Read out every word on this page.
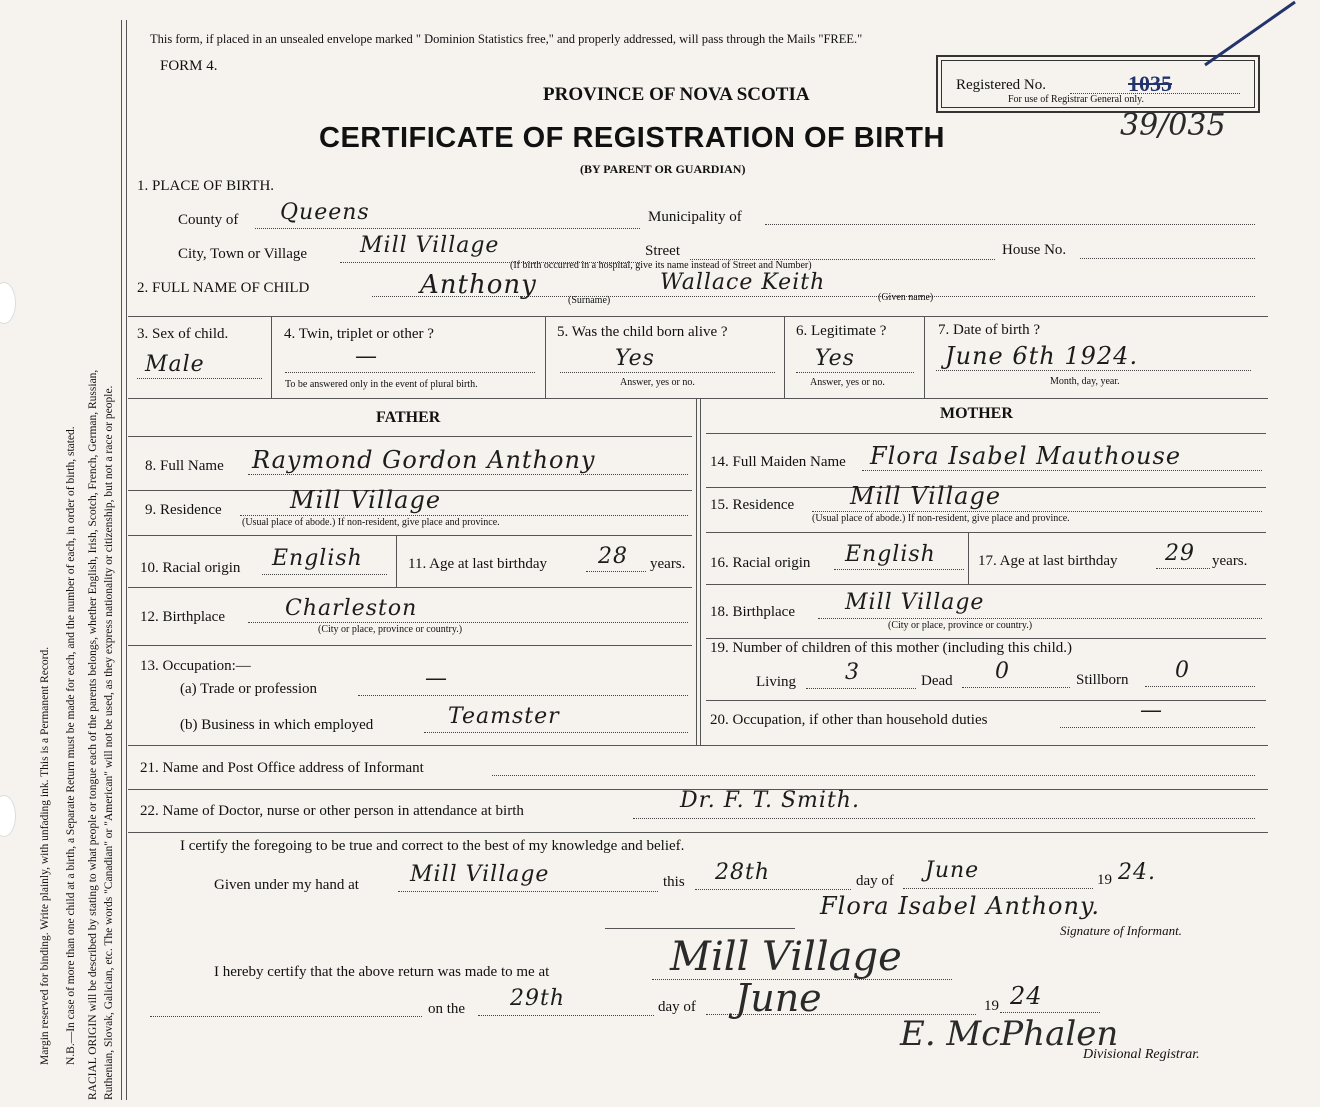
Margin reserved for binding. Write plainly, with unfading ink. This is a Permanent Record. N.B.—In case of more than one child at a birth, a Separate Return must be made for each, and the number of each, in order of birth, stated. RACIAL ORIGIN will be described by stating to what people or tongue each of the parents belongs, whether English, Irish, Scotch, French, German, Russian, Ruthenian, Slovak, Galician, etc. The words "Canadian" or "American" will not be used, as they express nationality or citizenship, but not a race or people.
This form, if placed in an unsealed envelope marked " Dominion Statistics free," and properly addressed, will pass through the Mails "FREE."
FORM 4.
PROVINCE OF NOVA SCOTIA
CERTIFICATE OF REGISTRATION OF BIRTH
(BY PARENT OR GUARDIAN)
Registered No.	1035
For use of Registrar General only.
39/035
1. PLACE OF BIRTH.
County of Queens	Municipality of
City, Town or Village Mill Village	Street	House No.
(If birth occurred in a hospital, give its name instead of Street and Number)
2. FULL NAME OF CHILD	Anthony	Wallace Keith
(Surname)	(Given name)
3. Sex of child.
Male
4. Twin, triplet or other ?
—
To be answered only in the event of plural birth.
5. Was the child born alive ?
Yes
Answer, yes or no.
6. Legitimate ?
Yes
Answer, yes or no.
7. Date of birth ?
June 6th 1924.
Month, day, year.
FATHER	MOTHER
8. Full Name Raymond Gordon Anthony
9. Residence	Mill Village
(Usual place of abode.) If non-resident, give place and province.
10. Racial origin English	11. Age at last birthday 28 years.
12. Birthplace	Charleston
(City or place, province or country.)
13. Occupation:—
(a) Trade or profession	—
(b) Business in which employed	Teamster
14. Full Maiden Name Flora Isabel Mauthouse
15. Residence Mill Village
(Usual place of abode.) If non-resident, give place and province.
16. Racial origin English	17. Age at last birthday 29 years.
18. Birthplace Mill Village
(City or place, province or country.)
19. Number of children of this mother (including this child.)
Living 3	Dead 0	Stillborn 0
20. Occupation, if other than household duties	—
21. Name and Post Office address of Informant
22. Name of Doctor, nurse or other person in attendance at birth	Dr. F. T. Smith.
I certify the foregoing to be true and correct to the best of my knowledge and belief.
Given under my hand at Mill Village	this 28th	day of June	19 24.
Flora Isabel Anthony.
Signature of Informant.
I hereby certify that the above return was made to me at	Mill Village
on the 29th	day of June	19 24
E. McPhalen
Divisional Registrar.
